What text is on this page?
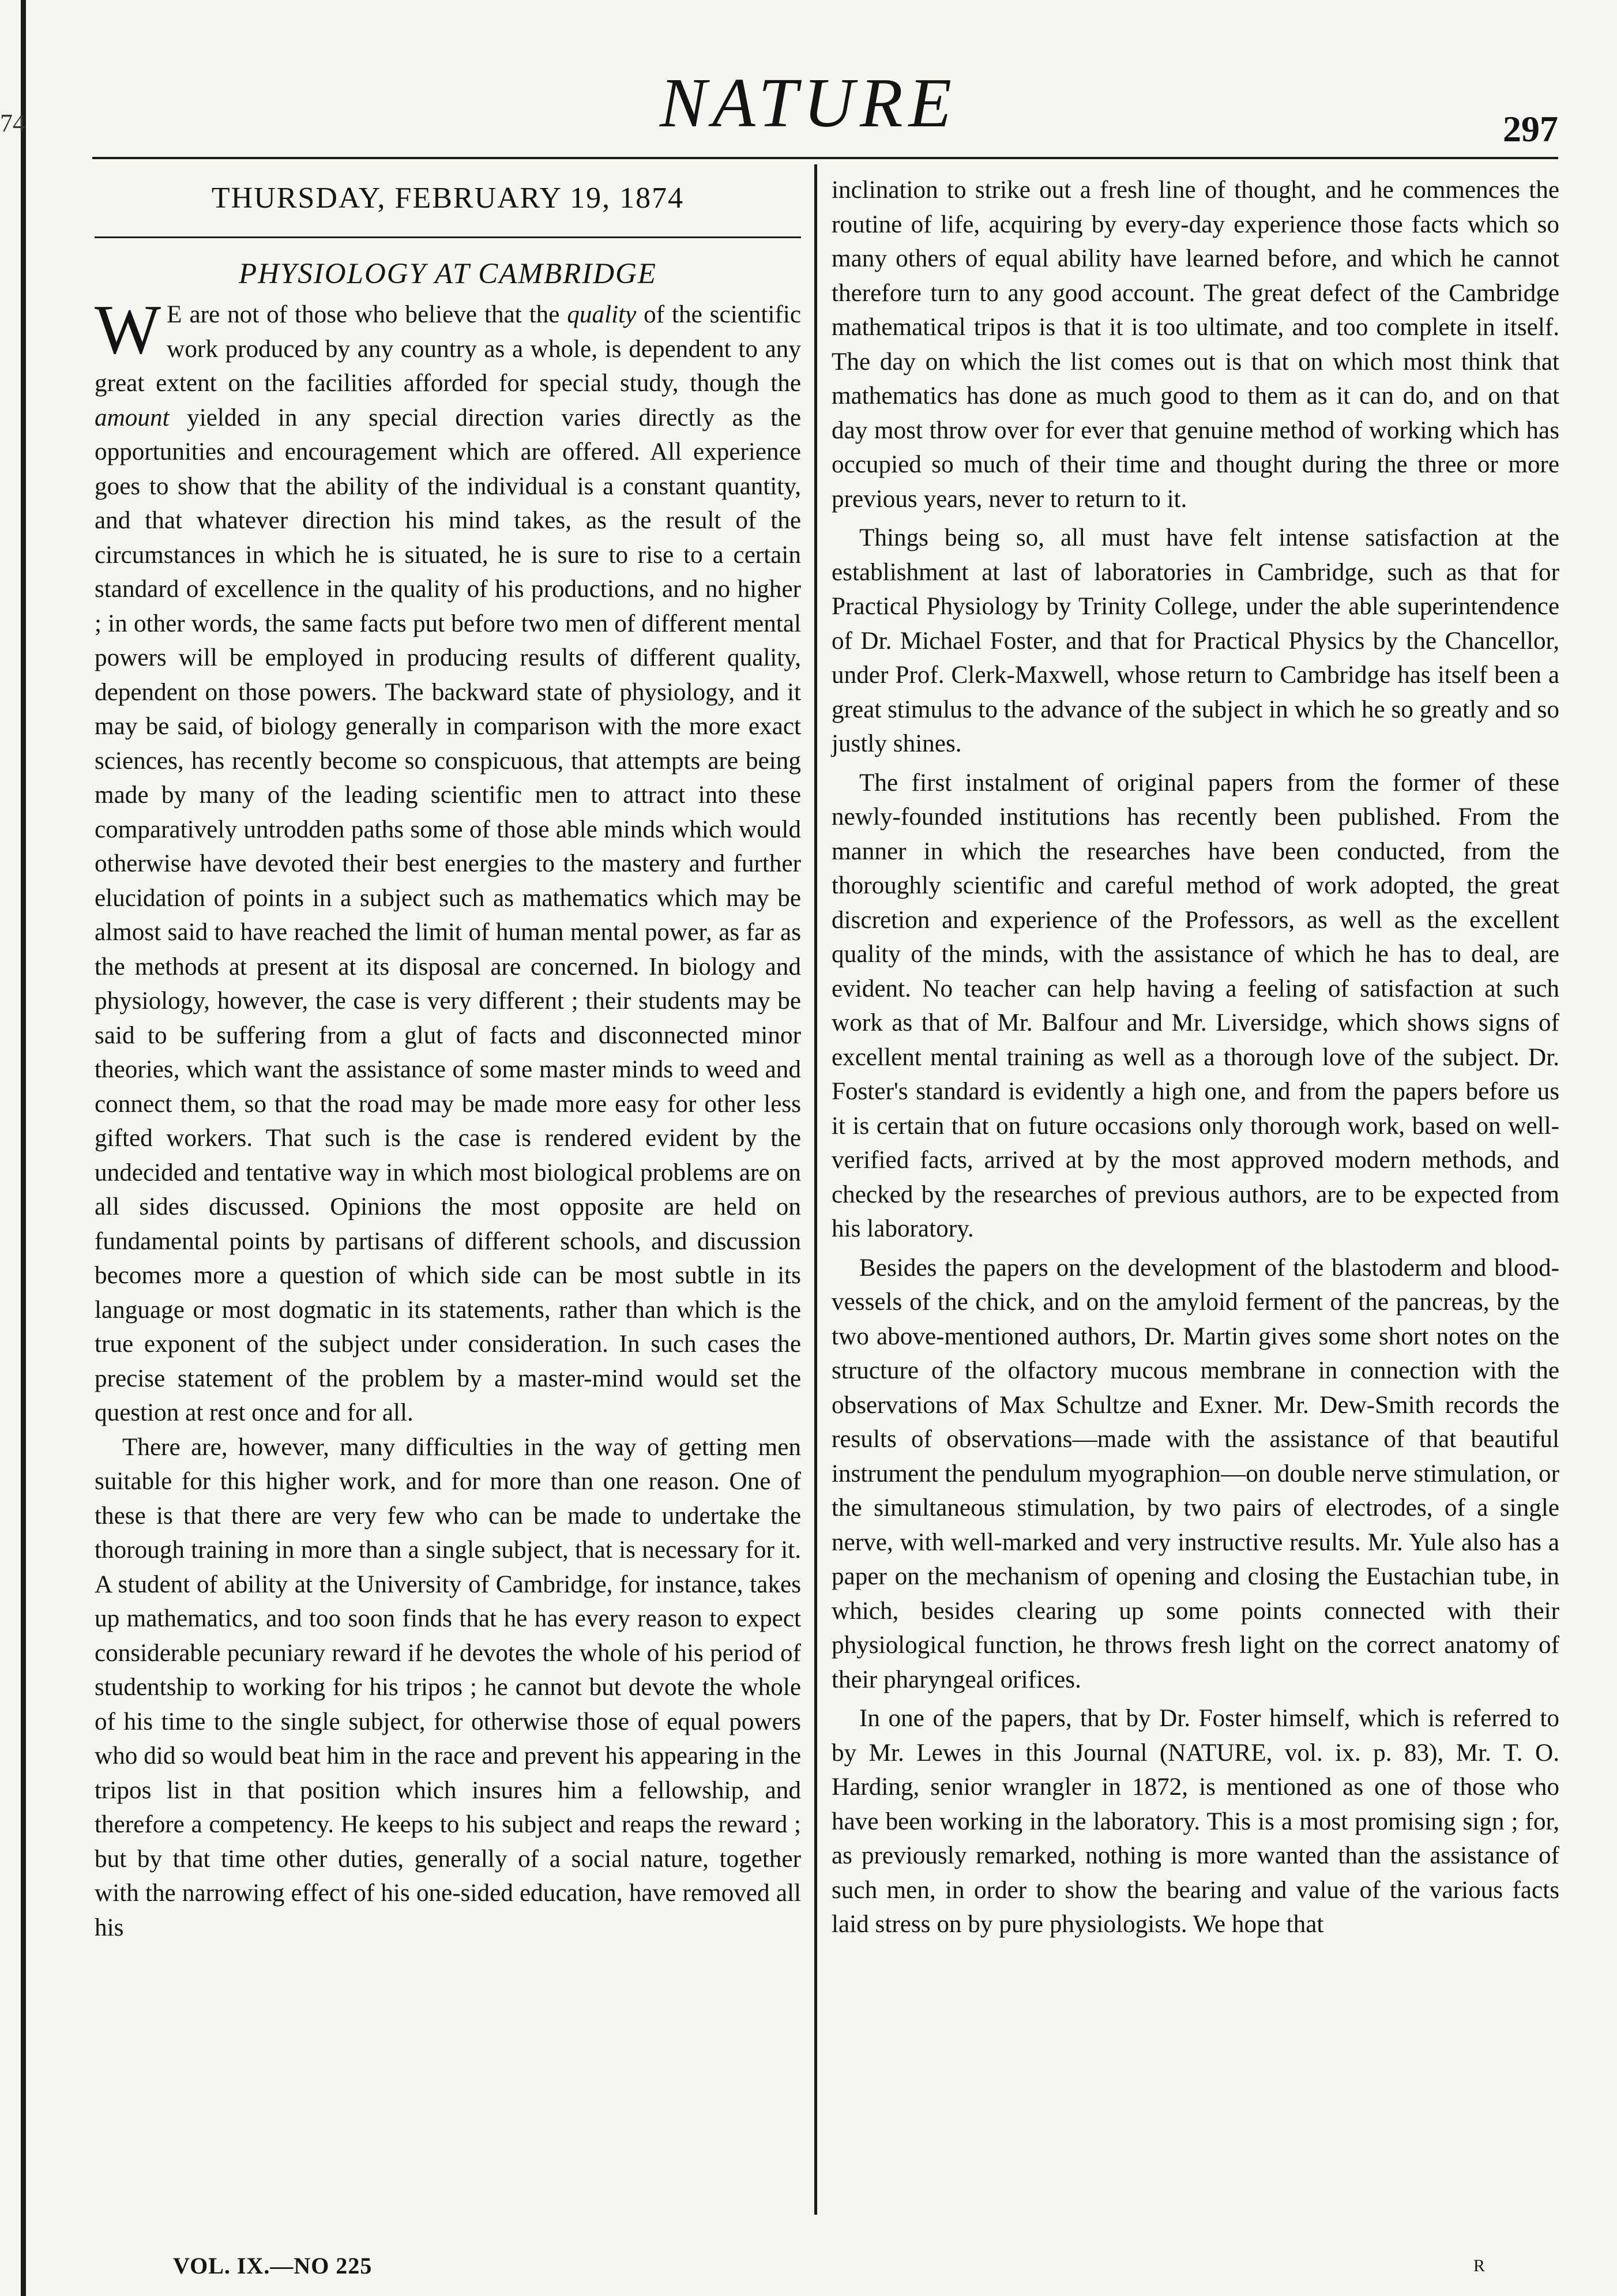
74	NATURE	297
THURSDAY, FEBRUARY 19, 1874
PHYSIOLOGY AT CAMBRIDGE

W E are not of those who believe that the quality of the scientific work produced by any country as a whole, is dependent to any great extent on the facilities afforded for special study, though the amount yielded in any special direction varies directly as the opportunities and encouragement which are offered. All experience goes to show that the ability of the individual is a constant quantity, and that whatever direction his mind takes, as the result of the circumstances in which he is situated, he is sure to rise to a certain standard of excellence in the quality of his productions, and no higher ; in other words, the same facts put before two men of different mental powers will be employed in producing results of different quality, dependent on those powers. The backward state of physiology, and it may be said, of biology generally in comparison with the more exact sciences, has recently become so conspicuous, that attempts are being made by many of the leading scientific men to attract into these comparatively untrodden paths some of those able minds which would otherwise have devoted their best energies to the mastery and further elucidation of points in a subject such as mathematics which may be almost said to have reached the limit of human mental power, as far as the methods at present at its disposal are concerned. In biology and physiology, however, the case is very different ; their students may be said to be suffering from a glut of facts and disconnected minor theories, which want the assistance of some master minds to weed and connect them, so that the road may be made more easy for other less gifted workers. That such is the case is rendered evident by the undecided and tentative way in which most biological problems are on all sides discussed. Opinions the most opposite are held on fundamental points by partisans of different schools, and discussion becomes more a question of which side can be most subtle in its language or most dogmatic in its statements, rather than which is the true exponent of the subject under consideration. In such cases the precise statement of the problem by a master-mind would set the question at rest once and for all.

There are, however, many difficulties in the way of getting men suitable for this higher work, and for more than one reason. One of these is that there are very few who can be made to undertake the thorough training in more than a single subject, that is necessary for it. A student of ability at the University of Cambridge, for instance, takes up mathematics, and too soon finds that he has every reason to expect considerable pecuniary reward if he devotes the whole of his period of studentship to working for his tripos ; he cannot but devote the whole of his time to the single subject, for otherwise those of equal powers who did so would beat him in the race and prevent his appearing in the tripos list in that position which insures him a fellowship, and therefore a competency. He keeps to his subject and reaps the reward ; but by that time other duties, generally of a social nature, together with the narrowing effect of his one-sided education, have removed all his

inclination to strike out a fresh line of thought, and he commences the routine of life, acquiring by every-day experience those facts which so many others of equal ability have learned before, and which he cannot therefore turn to any good account. The great defect of the Cambridge mathematical tripos is that it is too ultimate, and too complete in itself. The day on which the list comes out is that on which most think that mathematics has done as much good to them as it can do, and on that day most throw over for ever that genuine method of working which has occupied so much of their time and thought during the three or more previous years, never to return to it.

Things being so, all must have felt intense satisfaction at the establishment at last of laboratories in Cambridge, such as that for Practical Physiology by Trinity College, under the able superintendence of Dr. Michael Foster, and that for Practical Physics by the Chancellor, under Prof. Clerk-Maxwell, whose return to Cambridge has itself been a great stimulus to the advance of the subject in which he so greatly and so justly shines.

The first instalment of original papers from the former of these newly-founded institutions has recently been published. From the manner in which the researches have been conducted, from the thoroughly scientific and careful method of work adopted, the great discretion and experience of the Professors, as well as the excellent quality of the minds, with the assistance of which he has to deal, are evident. No teacher can help having a feeling of satisfaction at such work as that of Mr. Balfour and Mr. Liversidge, which shows signs of excellent mental training as well as a thorough love of the subject. Dr. Foster's standard is evidently a high one, and from the papers before us it is certain that on future occasions only thorough work, based on well-verified facts, arrived at by the most approved modern methods, and checked by the researches of previous authors, are to be expected from his laboratory.

Besides the papers on the development of the blastoderm and blood-vessels of the chick, and on the amyloid ferment of the pancreas, by the two above-mentioned authors, Dr. Martin gives some short notes on the structure of the olfactory mucous membrane in connection with the observations of Max Schultze and Exner. Mr. Dew-Smith records the results of observations—made with the assistance of that beautiful instrument the pendulum myographion—on double nerve stimulation, or the simultaneous stimulation, by two pairs of electrodes, of a single nerve, with well-marked and very instructive results. Mr. Yule also has a paper on the mechanism of opening and closing the Eustachian tube, in which, besides clearing up some points connected with their physiological function, he throws fresh light on the correct anatomy of their pharyngeal orifices.

In one of the papers, that by Dr. Foster himself, which is referred to by Mr. Lewes in this Journal (NATURE, vol. ix. p. 83), Mr. T. O. Harding, senior wrangler in 1872, is mentioned as one of those who have been working in the laboratory. This is a most promising sign ; for, as previously remarked, nothing is more wanted than the assistance of such men, in order to show the bearing and value of the various facts laid stress on by pure physiologists. We hope that

VOL. IX.—NO 225	R
